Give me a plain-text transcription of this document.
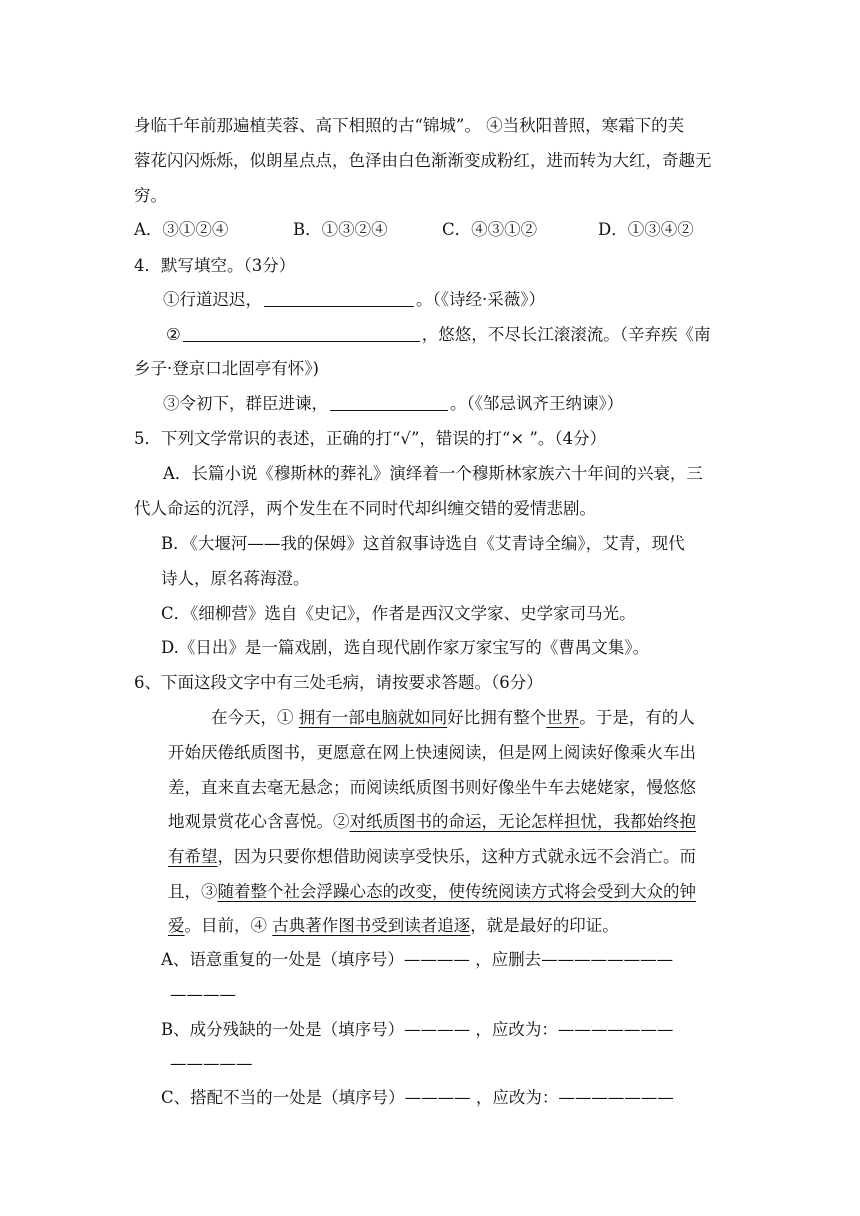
身临千年前那遍植芙蓉、高下相照的古“锦城”。 ④当秋阳普照，寒霜下的芙
蓉花闪闪烁烁，似朗星点点，色泽由白色渐渐变成粉红，进而转为大红，奇趣无
穷。
A．③①②④	B．①③②④	C．④③①②	D．①③④②
4．默写填空。（3分）
①行道迟迟，	。（《诗经·采薇》）
②	，悠悠，不尽长江滚滚流。（辛弃疾《南
乡子·登京口北固亭有怀》)
③令初下，群臣进谏，	。（《邹忌讽齐王纳谏》）
5．下列文学常识的表述，正确的打“√”，错误的打“× ”。（4分）
A．长篇小说《穆斯林的葬礼》演绎着一个穆斯林家族六十年间的兴衰，三
代人命运的沉浮，两个发生在不同时代却纠缠交错的爱情悲剧。
B．《大堰河——我的保姆》这首叙事诗选自《艾青诗全编》，艾青，现代
诗人，原名蒋海澄。
C．《细柳营》选自《史记》，作者是西汉文学家、史学家司马光。
D.《日出》是一篇戏剧，选自现代剧作家万家宝写的《曹禺文集》。
6、下面这段文字中有三处毛病，请按要求答题。（6分）
在今天，① 拥有一部电脑就如同好比拥有整个世界。于是，有的人
开始厌倦纸质图书，更愿意在网上快速阅读，但是网上阅读好像乘火车出
差，直来直去毫无悬念；而阅读纸质图书则好像坐牛车去姥姥家，慢悠悠
地观景赏花心含喜悦。②对纸质图书的命运，无论怎样担忧，我都始终抱
有希望，因为只要你想借助阅读享受快乐，这种方式就永远不会消亡。而
且，③随着整个社会浮躁心态的改变，使传统阅读方式将会受到大众的钟
爱。目前，④ 古典著作图书受到读者追逐，就是最好的印证。
A、语意重复的一处是（填序号）———— ，应删去————————
————
B、成分残缺的一处是（填序号）———— ，应改为：———————
—————
C、搭配不当的一处是（填序号）———— ，应改为：———————
